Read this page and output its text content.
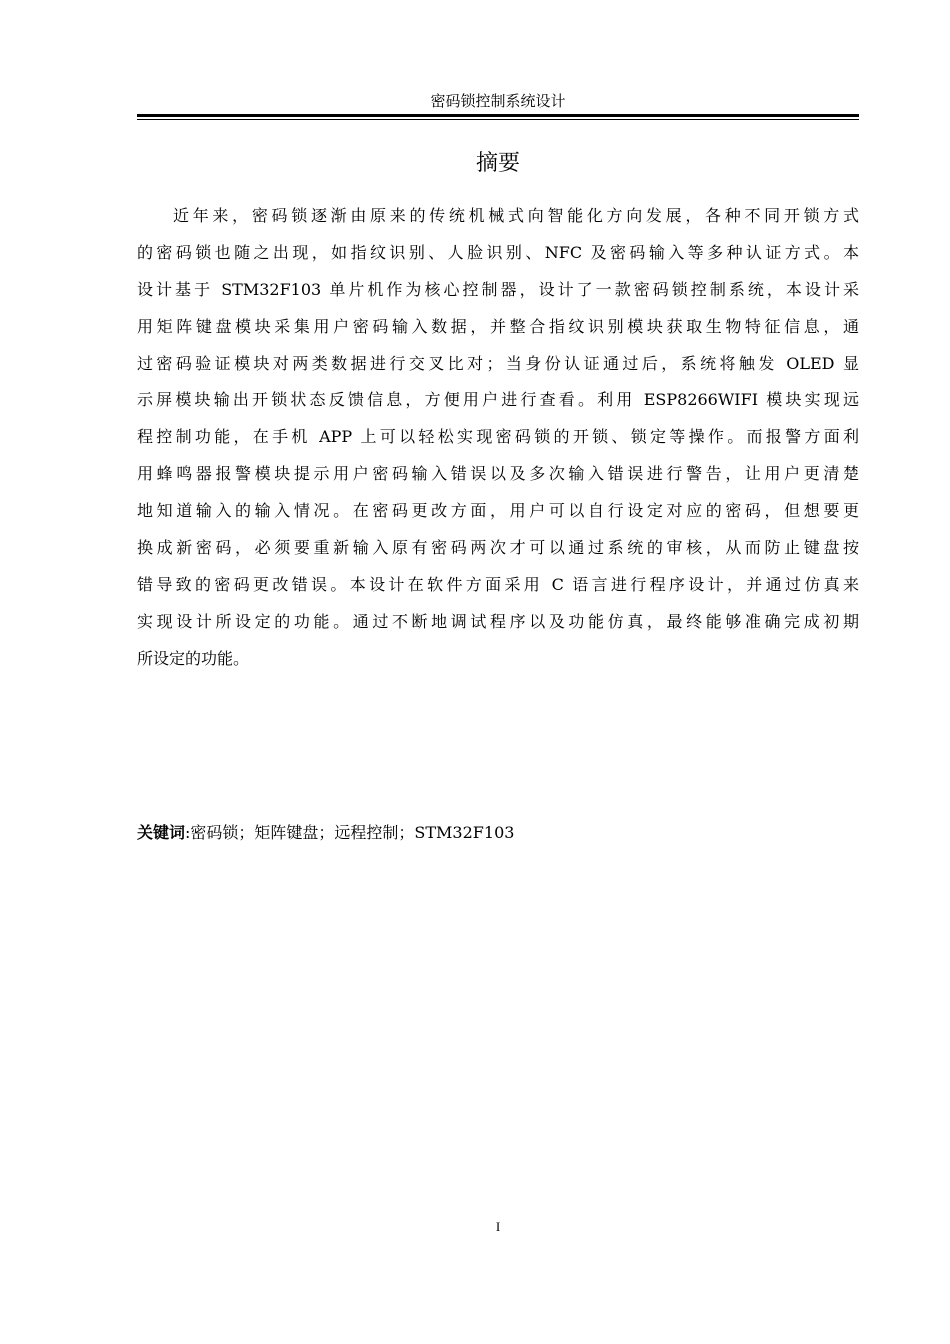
密码锁控制系统设计
摘要
近年来，密码锁逐渐由原来的传统机械式向智能化方向发展，各种不同开锁方式
的密码锁也随之出现，如指纹识别、人脸识别、NFC 及密码输入等多种认证方式。本
设计基于 STM32F103 单片机作为核心控制器，设计了一款密码锁控制系统，本设计采
用矩阵键盘模块采集用户密码输入数据，并整合指纹识别模块获取生物特征信息，通
过密码验证模块对两类数据进行交叉比对；当身份认证通过后，系统将触发 OLED 显
示屏模块输出开锁状态反馈信息，方便用户进行查看。利用 ESP8266WIFI 模块实现远
程控制功能，在手机 APP 上可以轻松实现密码锁的开锁、锁定等操作。而报警方面利
用蜂鸣器报警模块提示用户密码输入错误以及多次输入错误进行警告，让用户更清楚
地知道输入的输入情况。在密码更改方面，用户可以自行设定对应的密码，但想要更
换成新密码，必须要重新输入原有密码两次才可以通过系统的审核，从而防止键盘按
错导致的密码更改错误。本设计在软件方面采用 C 语言进行程序设计，并通过仿真来
实现设计所设定的功能。通过不断地调试程序以及功能仿真，最终能够准确完成初期
所设定的功能。
关键词:密码锁；矩阵键盘；远程控制；STM32F103
I
